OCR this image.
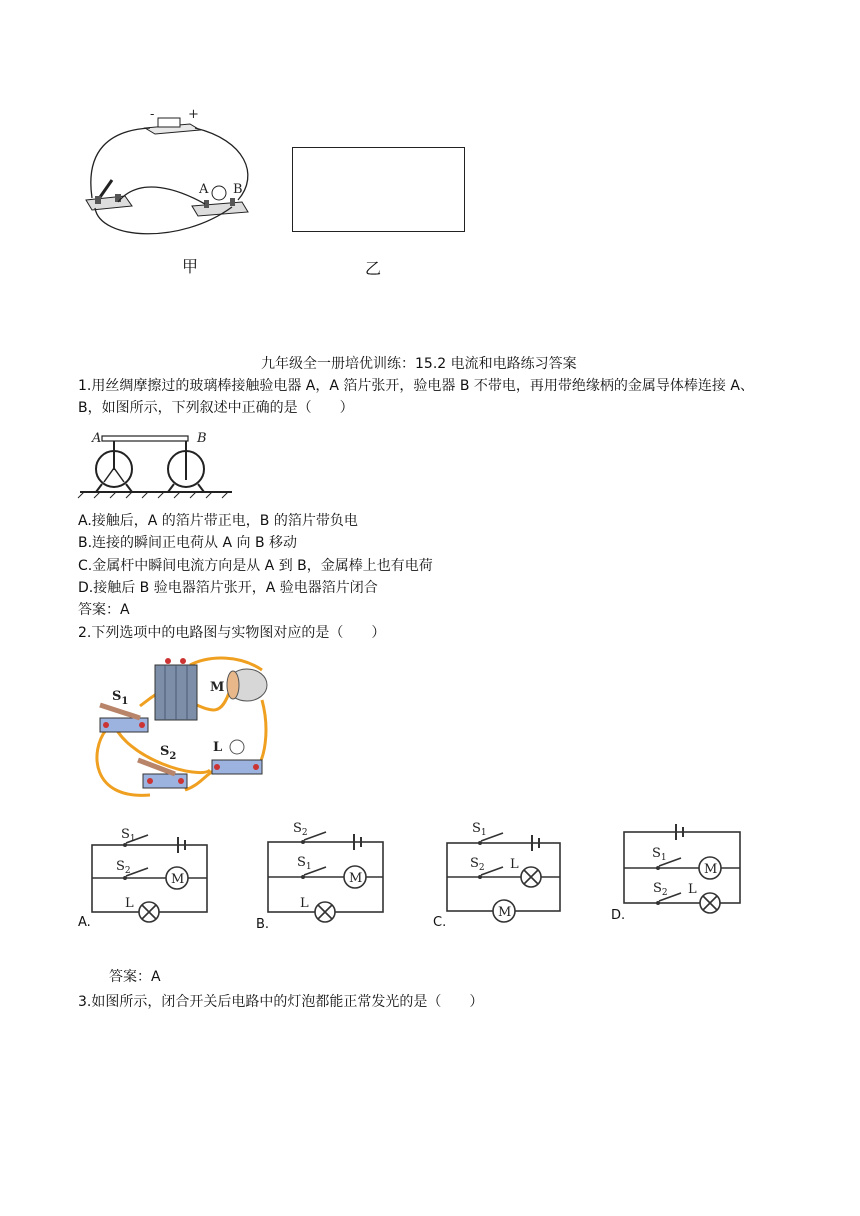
-	+
A B
甲	乙
九年级全一册培优训练：15.2 电流和电路练习答案
1.用丝绸摩擦过的玻璃棒接触验电器 A，A 箔片张开，验电器 B 不带电，再用带绝缘柄的金属导体棒连接 A、
B，如图所示，下列叙述中正确的是（　　）
A	B
A.接触后，A 的箔片带正电，B 的箔片带负电
B.连接的瞬间正电荷从 A 向 B 移动
C.金属杆中瞬间电流方向是从 A 到 B，金属棒上也有电荷
D.接触后 B 验电器箔片张开，A 验电器箔片闭合
答案：A
2.下列选项中的电路图与实物图对应的是（　　）
M
$S_1$
$S_2$
L
M
$S_1$
$S_2$
L
M
$S_2$
$S_1$
L
M
$S_1$
$S_2$ L	M
$S_1$
$S_2$ L
A.	B.	C.	D.
答案：A
3.如图所示，闭合开关后电路中的灯泡都能正常发光的是（　　）
